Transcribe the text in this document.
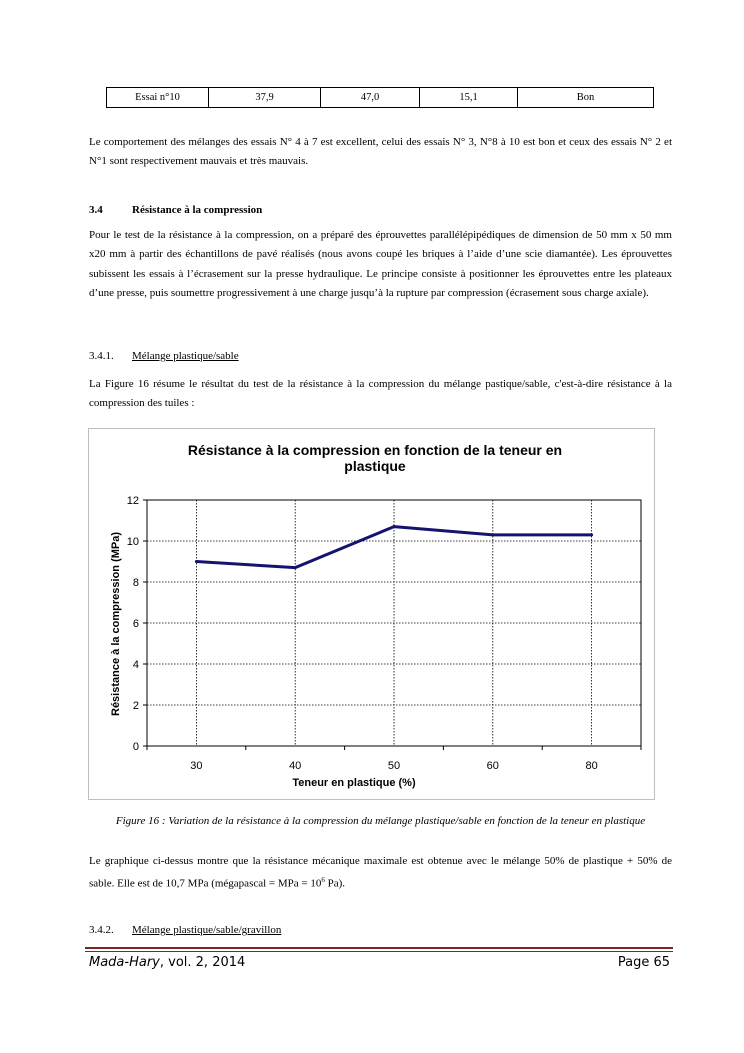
Essai n°10	37,9	47,0	15,1	Bon

Le comportement des mélanges des essais N° 4 à 7 est excellent, celui des essais N° 3, N°8 à 10 est bon et ceux des essais N° 2 et N°1 sont respectivement mauvais et très mauvais.

3.4	Résistance à la compression

Pour le test de la résistance à la compression, on a préparé des éprouvettes parallélépipédiques de dimension de 50 mm x 50 mm x20 mm à partir des échantillons de pavé réalisés (nous avons coupé les briques à l’aide d’une scie diamantée). Les éprouvettes subissent les essais à l’écrasement sur la presse hydraulique. Le principe consiste à positionner les éprouvettes entre les plateaux d’une presse, puis soumettre progressivement à une charge jusqu’à la rupture par compression (écrasement sous charge axiale).

3.4.1. Mélange plastique/sable

La Figure 16 résume le résultat du test de la résistance à la compression du mélange pastique/sable, c'est-à-dire résistance à la compression des tuiles :

Résistance à la compression en fonction de la teneur en
plastique
0
2
4
6
8
10
12
30	40	50	60	80
Teneur en plastique (%)
Résistance à la compression (MPa)

Figure 16 : Variation de la résistance à la compression du mélange plastique/sable en fonction de la teneur en plastique

Le graphique ci-dessus montre que la résistance mécanique maximale est obtenue avec le mélange 50% de plastique + 50% de sable. Elle est de 10,7 MPa (mégapascal = MPa = $10^6$ Pa).

3.4.2. Mélange plastique/sable/gravillon

Mada-Hary, vol. 2, 2014	Page 65
